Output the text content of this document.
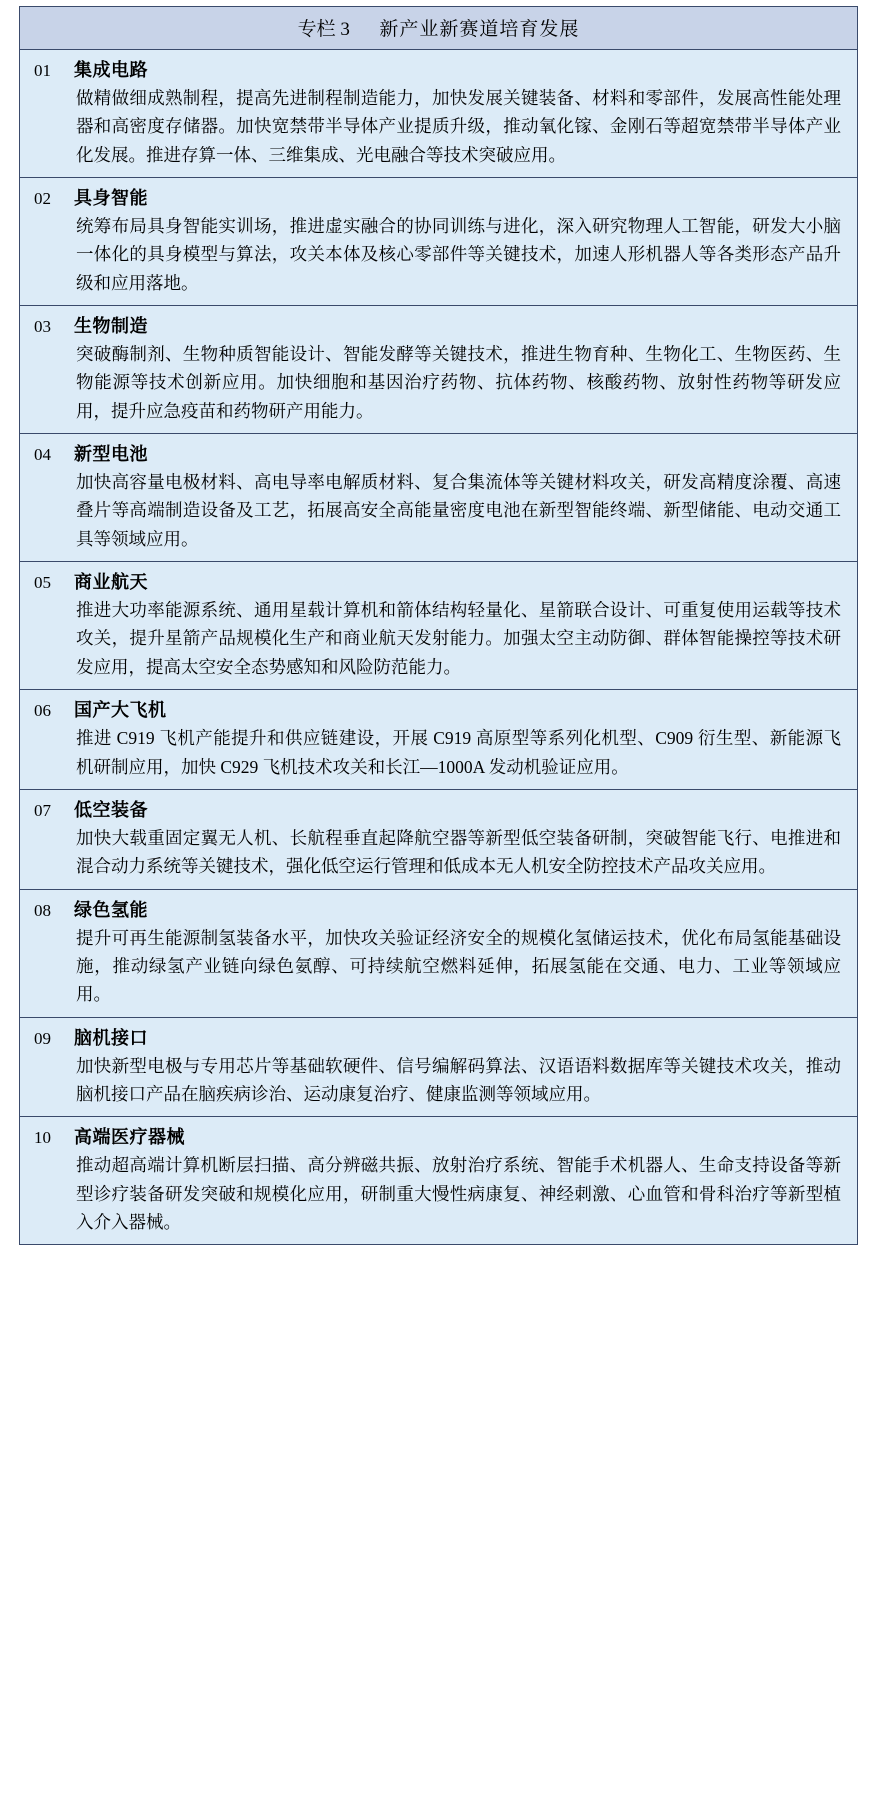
专栏 3 新产业新赛道培育发展
01	集成电路
做精做细成熟制程，提高先进制程制造能力，加快发展关键装备、材料和零部件，发展高性能处理器和高密度存储器。加快宽禁带半导体产业提质升级，推动氧化镓、金刚石等超宽禁带半导体产业化发展。推进存算一体、三维集成、光电融合等技术突破应用。
02	具身智能
统筹布局具身智能实训场，推进虚实融合的协同训练与进化，深入研究物理人工智能，研发大小脑一体化的具身模型与算法，攻关本体及核心零部件等关键技术，加速人形机器人等各类形态产品升级和应用落地。
03	生物制造
突破酶制剂、生物种质智能设计、智能发酵等关键技术，推进生物育种、生物化工、生物医药、生物能源等技术创新应用。加快细胞和基因治疗药物、抗体药物、核酸药物、放射性药物等研发应用，提升应急疫苗和药物研产用能力。
04	新型电池
加快高容量电极材料、高电导率电解质材料、复合集流体等关键材料攻关，研发高精度涂覆、高速叠片等高端制造设备及工艺，拓展高安全高能量密度电池在新型智能终端、新型储能、电动交通工具等领域应用。
05	商业航天
推进大功率能源系统、通用星载计算机和箭体结构轻量化、星箭联合设计、可重复使用运载等技术攻关，提升星箭产品规模化生产和商业航天发射能力。加强太空主动防御、群体智能操控等技术研发应用，提高太空安全态势感知和风险防范能力。
06	国产大飞机
推进 C919 飞机产能提升和供应链建设，开展 C919 高原型等系列化机型、C909 衍生型、新能源飞机研制应用，加快 C929 飞机技术攻关和长江—1000A 发动机验证应用。
07	低空装备
加快大载重固定翼无人机、长航程垂直起降航空器等新型低空装备研制，突破智能飞行、电推进和混合动力系统等关键技术，强化低空运行管理和低成本无人机安全防控技术产品攻关应用。
08	绿色氢能
提升可再生能源制氢装备水平，加快攻关验证经济安全的规模化氢储运技术，优化布局氢能基础设施，推动绿氢产业链向绿色氨醇、可持续航空燃料延伸，拓展氢能在交通、电力、工业等领域应用。
09	脑机接口
加快新型电极与专用芯片等基础软硬件、信号编解码算法、汉语语料数据库等关键技术攻关，推动脑机接口产品在脑疾病诊治、运动康复治疗、健康监测等领域应用。
10	高端医疗器械
推动超高端计算机断层扫描、高分辨磁共振、放射治疗系统、智能手术机器人、生命支持设备等新型诊疗装备研发突破和规模化应用，研制重大慢性病康复、神经刺激、心血管和骨科治疗等新型植入介入器械。
